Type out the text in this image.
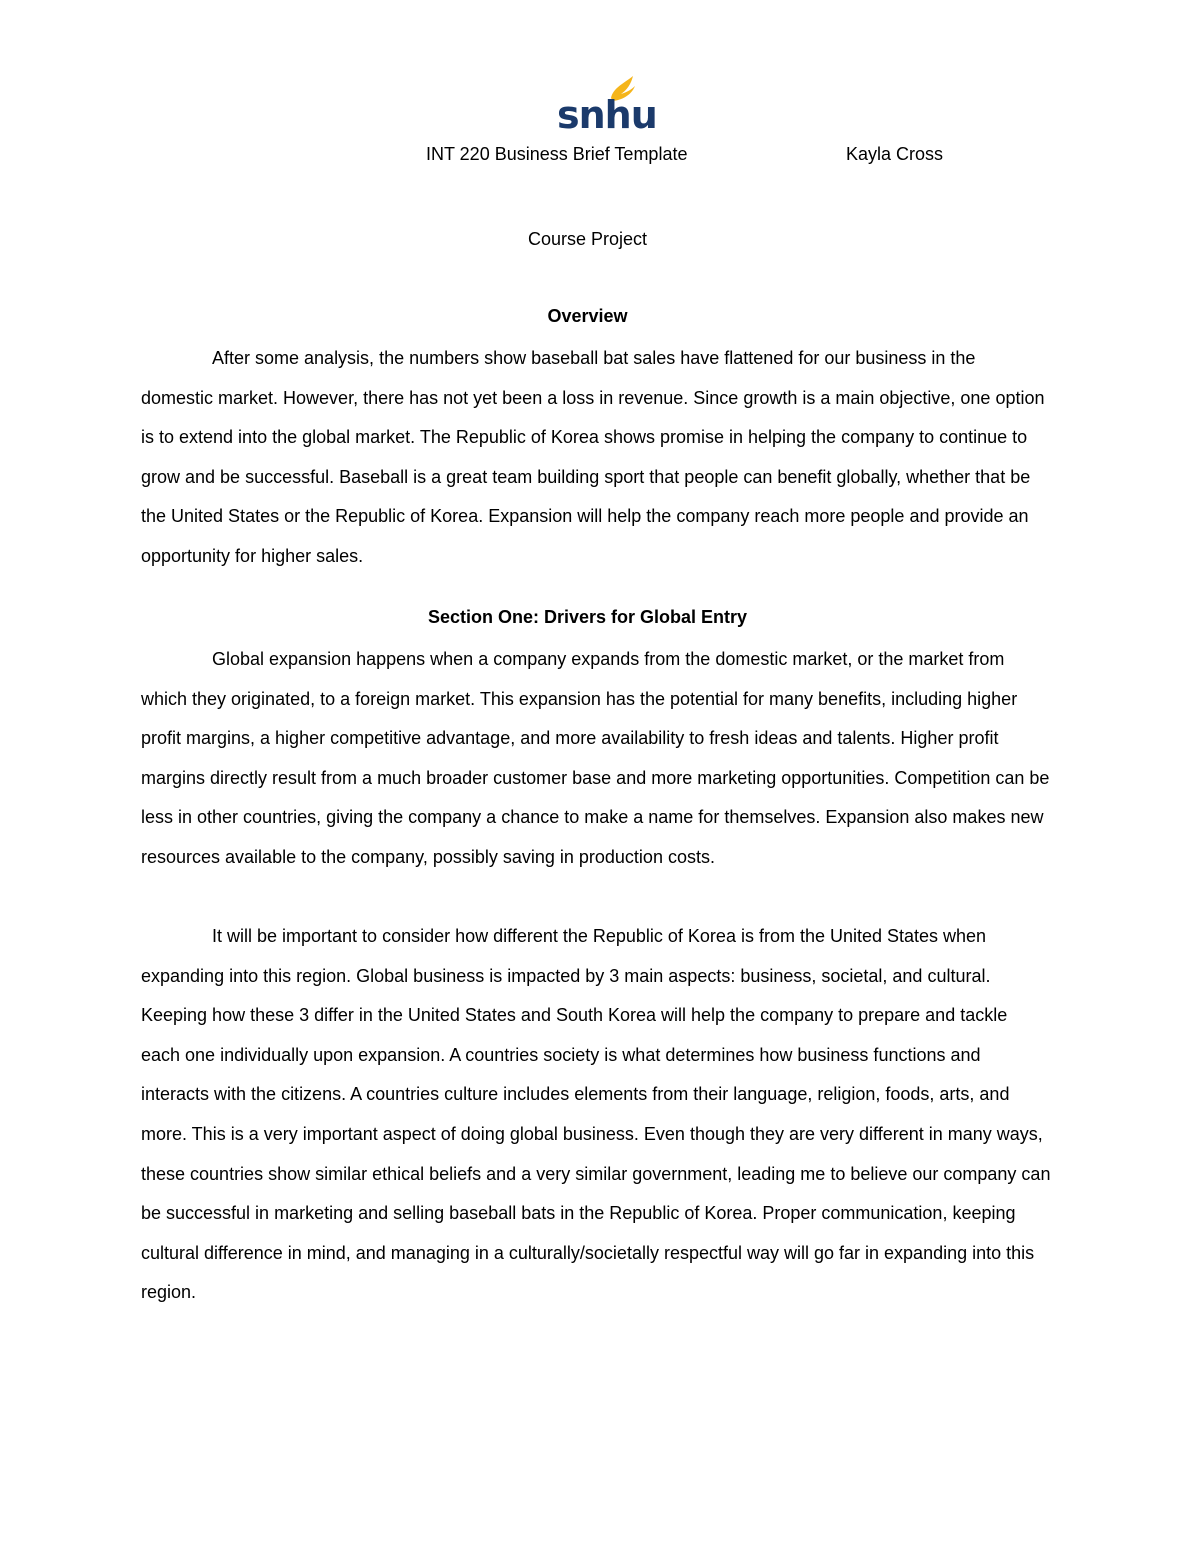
snhu
INT 220 Business Brief Template	Kayla Cross
Course Project
Overview

After some analysis, the numbers show baseball bat sales have flattened for our business in the domestic market. However, there has not yet been a loss in revenue. Since growth is a main objective, one option is to extend into the global market. The Republic of Korea shows promise in helping the company to continue to grow and be successful. Baseball is a great team building sport that people can benefit globally, whether that be the United States or the Republic of Korea. Expansion will help the company reach more people and provide an opportunity for higher sales.

Section One: Drivers for Global Entry

Global expansion happens when a company expands from the domestic market, or the market from which they originated, to a foreign market. This expansion has the potential for many benefits, including higher profit margins, a higher competitive advantage, and more availability to fresh ideas and talents. Higher profit margins directly result from a much broader customer base and more marketing opportunities. Competition can be less in other countries, giving the company a chance to make a name for themselves. Expansion also makes new resources available to the company, possibly saving in production costs.

It will be important to consider how different the Republic of Korea is from the United States when expanding into this region. Global business is impacted by 3 main aspects: business, societal, and cultural. Keeping how these 3 differ in the United States and South Korea will help the company to prepare and tackle each one individually upon expansion. A countries society is what determines how business functions and interacts with the citizens. A countries culture includes elements from their language, religion, foods, arts, and more. This is a very important aspect of doing global business. Even though they are very different in many ways, these countries show similar ethical beliefs and a very similar government, leading me to believe our company can be successful in marketing and selling baseball bats in the Republic of Korea. Proper communication, keeping cultural difference in mind, and managing in a culturally/societally respectful way will go far in expanding into this region.
